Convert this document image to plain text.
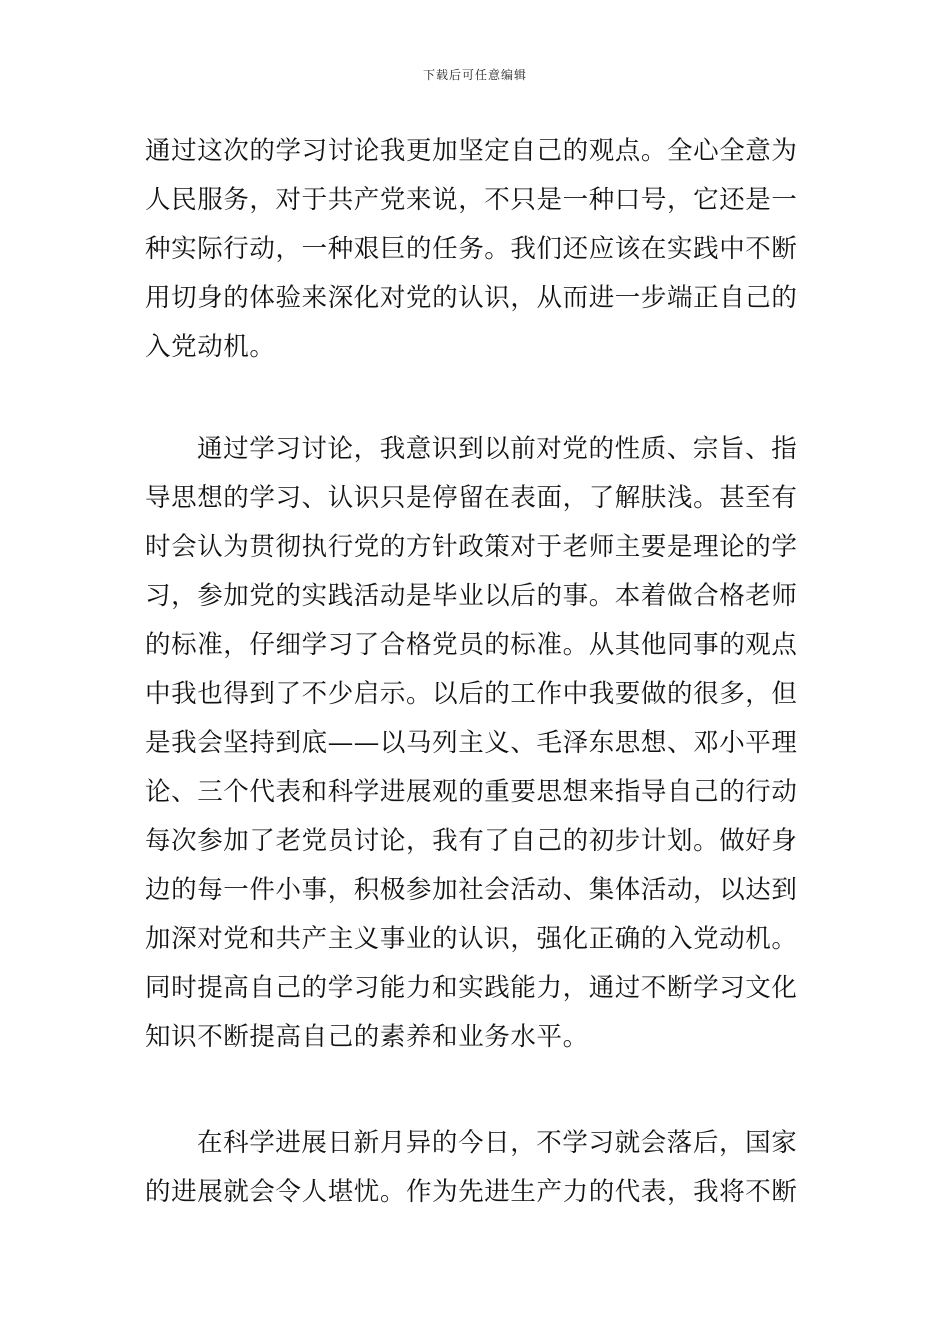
下载后可任意编辑
通过这次的学习讨论我更加坚定自己的观点。全心全意为
人民服务，对于共产党来说，不只是一种口号，它还是一
种实际行动，一种艰巨的任务。我们还应该在实践中不断
用切身的体验来深化对党的认识，从而进一步端正自己的
入党动机。
通过学习讨论，我意识到以前对党的性质、宗旨、指
导思想的学习、认识只是停留在表面，了解肤浅。甚至有
时会认为贯彻执行党的方针政策对于老师主要是理论的学
习，参加党的实践活动是毕业以后的事。本着做合格老师
的标准，仔细学习了合格党员的标准。从其他同事的观点
中我也得到了不少启示。以后的工作中我要做的很多，但
是我会坚持到底——以马列主义、毛泽东思想、邓小平理
论、三个代表和科学进展观的重要思想来指导自己的行动
每次参加了老党员讨论，我有了自己的初步计划。做好身
边的每一件小事，积极参加社会活动、集体活动，以达到
加深对党和共产主义事业的认识，强化正确的入党动机。
同时提高自己的学习能力和实践能力，通过不断学习文化
知识不断提高自己的素养和业务水平。
在科学进展日新月异的今日，不学习就会落后，国家
的进展就会令人堪忧。作为先进生产力的代表，我将不断
